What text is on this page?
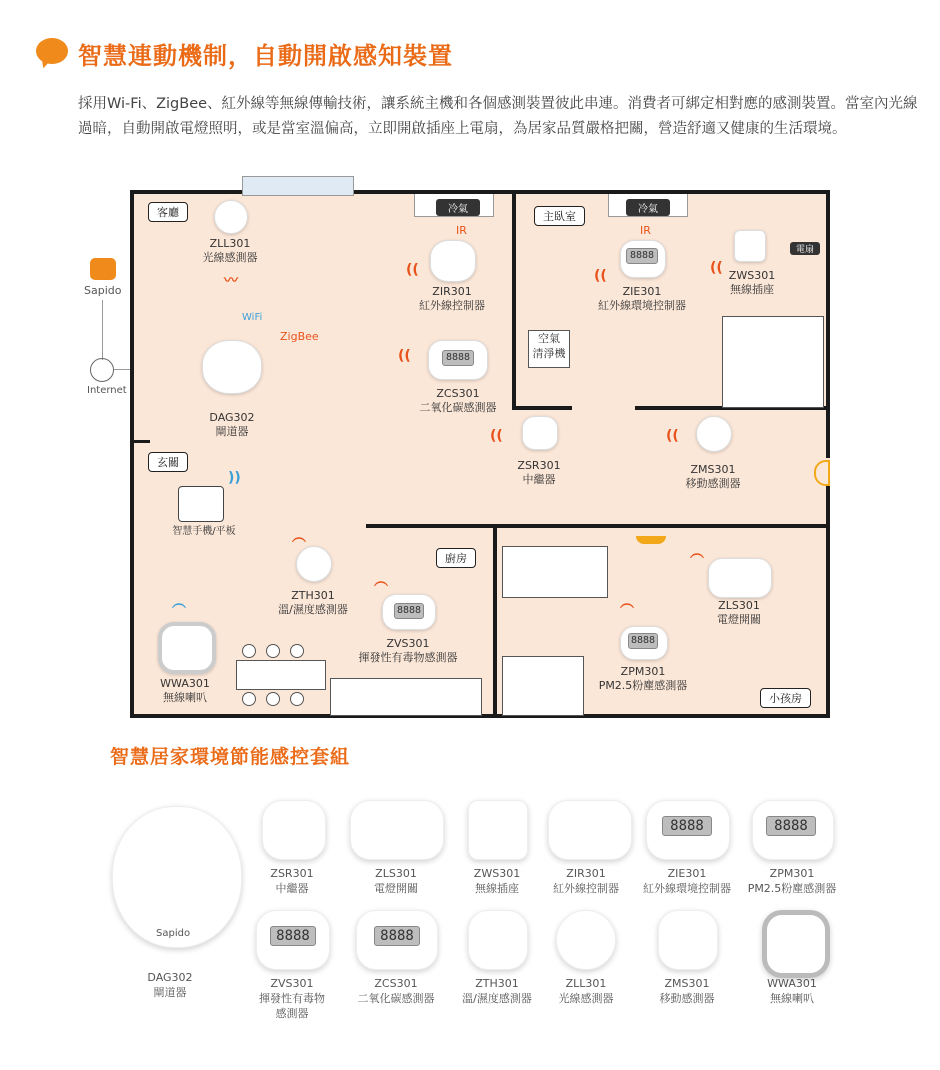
智慧連動機制，自動開啟感知裝置
採用Wi-Fi、ZigBee、紅外線等無線傳輸技術，讓系統主機和各個感測裝置彼此串連。消費者可綁定相對應的感測裝置。當室內光線過暗，自動開啟電燈照明，或是當室溫偏高，立即開啟插座上電扇，為居家品質嚴格把關，營造舒適又健康的生活環境。
Sapido
Internet
客廳	主臥室
玄關
廚房
小孩房
冷氣	冷氣
IR	IR
ZLL301
光線感測器
〰
WiFi
ZigBee
DAG302
閘道器
((
ZIR301
紅外線控制器
8888
((
ZIE301
紅外線環境控制器
電扇
(( ZWS301
無線插座
空氣
清淨機
8888
((
ZCS301
二氧化碳感測器
((
ZSR301
中繼器
((
ZMS301
移動感測器
))
智慧手機/平板	︵
ZTH301
溫/濕度感測器	8888
︵
ZVS301
揮發性有毒物感測器
︵
WWA301
無線喇叭
︵
ZLS301
電燈開關
︵
8888
ZPM301
PM2.5粉塵感測器
智慧居家環境節能感控套組
Sapido
DAG302
閘道器
ZSR301
中繼器
ZLS301
電燈開關
ZWS301
無線插座
ZIR301
紅外線控制器
8888
ZIE301
紅外線環境控制器
8888
ZPM301
PM2.5粉塵感測器
8888
ZVS301
揮發性有毒物
感測器
8888
ZCS301
二氧化碳感測器
ZTH301
溫/濕度感測器
ZLL301
光線感測器
ZMS301
移動感測器
WWA301
無線喇叭
